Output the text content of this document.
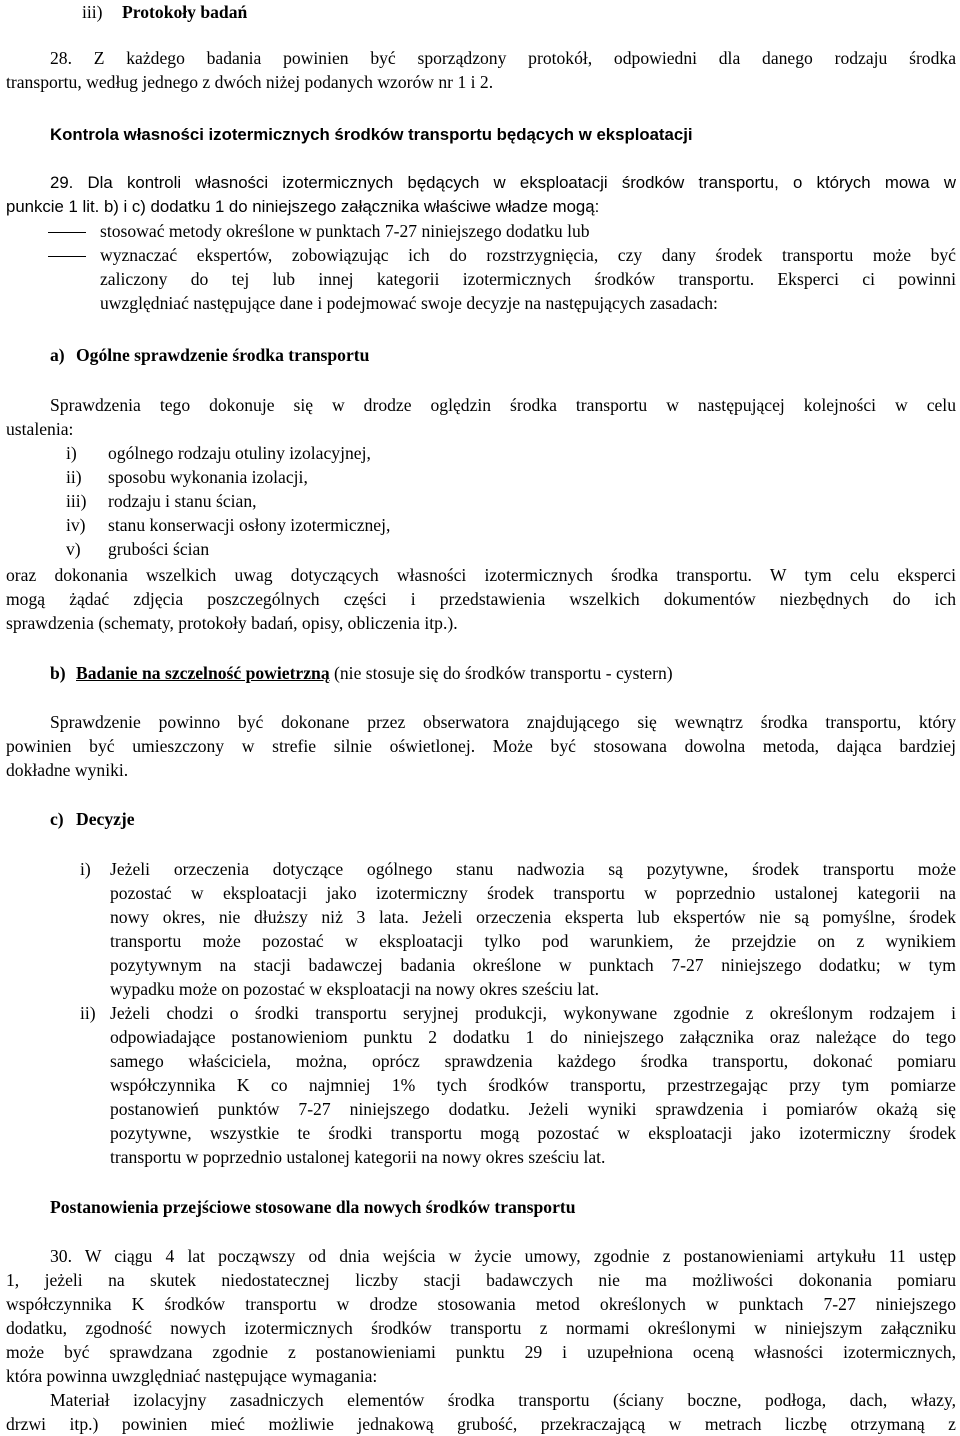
iii) Protokoły badań
28. Z każdego badania powinien być sporządzony protokół, odpowiedni dla danego rodzaju środka
transportu, według jednego z dwóch niżej podanych wzorów nr 1 i 2.
Kontrola własności izotermicznych środków transportu będących w eksploatacji
29. Dla kontroli własności izotermicznych będących w eksploatacji środków transportu, o których mowa w
punkcie 1 lit. b) i c) dodatku 1 do niniejszego załącznika właściwe władze mogą:
stosować metody określone w punktach 7-27 niniejszego dodatku lub
wyznaczać ekspertów, zobowiązując ich do rozstrzygnięcia, czy dany środek transportu może być
zaliczony do tej lub innej kategorii izotermicznych środków transportu. Eksperci ci powinni
uwzględniać następujące dane i podejmować swoje decyzje na następujących zasadach:
a) Ogólne sprawdzenie środka transportu
Sprawdzenia tego dokonuje się w drodze oględzin środka transportu w następującej kolejności w celu
ustalenia:
i) ogólnego rodzaju otuliny izolacyjnej,
ii) sposobu wykonania izolacji,
iii) rodzaju i stanu ścian,
iv) stanu konserwacji osłony izotermicznej,
v) grubości ścian
oraz dokonania wszelkich uwag dotyczących własności izotermicznych środka transportu. W tym celu eksperci
mogą żądać zdjęcia poszczególnych części i przedstawienia wszelkich dokumentów niezbędnych do ich
sprawdzenia (schematy, protokoły badań, opisy, obliczenia itp.).
b) Badanie na szczelność powietrzną (nie stosuje się do środków transportu - cystern)
Sprawdzenie powinno być dokonane przez obserwatora znajdującego się wewnątrz środka transportu, który
powinien być umieszczony w strefie silnie oświetlonej. Może być stosowana dowolna metoda, dająca bardziej
dokładne wyniki.
c) Decyzje
i)	Jeżeli orzeczenia dotyczące ogólnego stanu nadwozia są pozytywne, środek transportu może
pozostać w eksploatacji jako izotermiczny środek transportu w poprzednio ustalonej kategorii na
nowy okres, nie dłuższy niż 3 lata. Jeżeli orzeczenia eksperta lub ekspertów nie są pomyślne, środek
transportu może pozostać w eksploatacji tylko pod warunkiem, że przejdzie on z wynikiem
pozytywnym na stacji badawczej badania określone w punktach 7-27 niniejszego dodatku; w tym
wypadku może on pozostać w eksploatacji na nowy okres sześciu lat.
ii) Jeżeli chodzi o środki transportu seryjnej produkcji, wykonywane zgodnie z określonym rodzajem i
odpowiadające postanowieniom punktu 2 dodatku 1 do niniejszego załącznika oraz należące do tego
samego właściciela, można, oprócz sprawdzenia każdego środka transportu, dokonać pomiaru
współczynnika K co najmniej 1% tych środków transportu, przestrzegając przy tym pomiarze
postanowień punktów 7-27 niniejszego dodatku. Jeżeli wyniki sprawdzenia i pomiarów okażą się
pozytywne, wszystkie te środki transportu mogą pozostać w eksploatacji jako izotermiczny środek
transportu w poprzednio ustalonej kategorii na nowy okres sześciu lat.
Postanowienia przejściowe stosowane dla nowych środków transportu
30. W ciągu 4 lat począwszy od dnia wejścia w życie umowy, zgodnie z postanowieniami artykułu 11 ustęp
1, jeżeli na skutek niedostatecznej liczby stacji badawczych nie ma możliwości dokonania pomiaru
współczynnika K środków transportu w drodze stosowania metod określonych w punktach 7-27 niniejszego
dodatku, zgodność nowych izotermicznych środków transportu z normami określonymi w niniejszym załączniku
może być sprawdzana zgodnie z postanowieniami punktu 29 i uzupełniona oceną własności izotermicznych,
która powinna uwzględniać następujące wymagania:
Materiał izolacyjny zasadniczych elementów środka transportu (ściany boczne, podłoga, dach, włazy,
drzwi itp.) powinien mieć możliwie jednakową grubość, przekraczającą w metrach liczbę otrzymaną z
